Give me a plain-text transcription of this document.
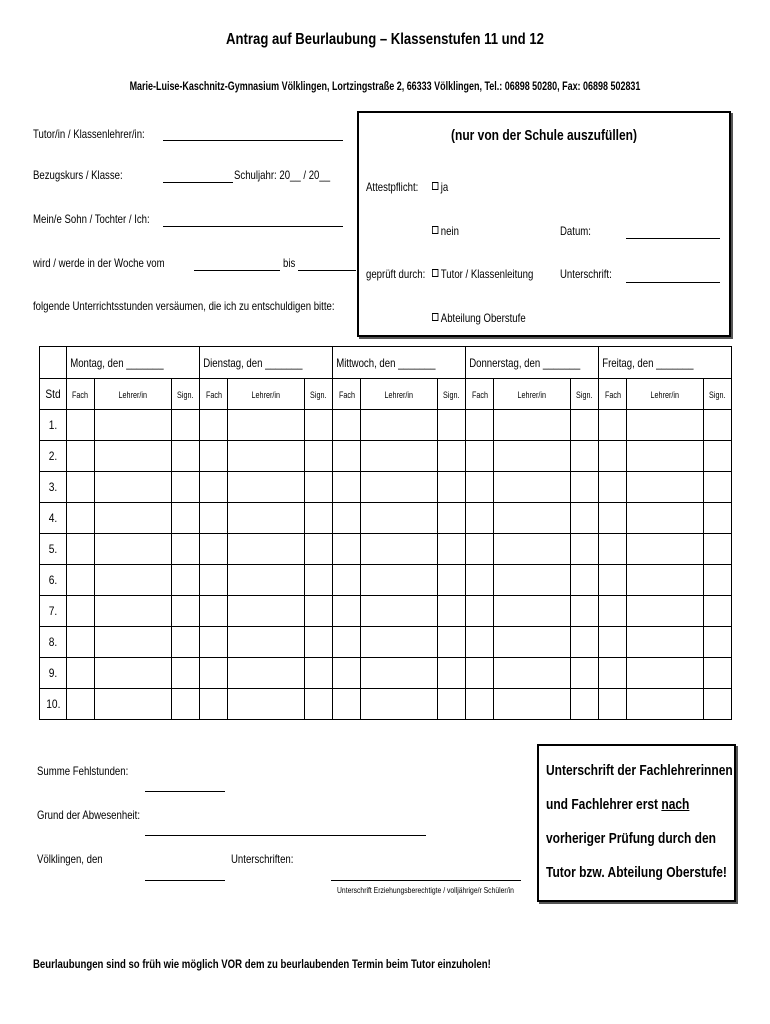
Antrag auf Beurlaubung – Klassenstufen 11 und 12
Marie-Luise-Kaschnitz-Gymnasium Völklingen, Lortzingstraße 2, 66333 Völklingen, Tel.: 06898 50280, Fax: 06898 502831
Tutor/in / Klassenlehrer/in:
Bezugskurs / Klasse:	Schuljahr: 20__ / 20__
Mein/e Sohn / Tochter / Ich:
wird / werde in der Woche vom	bis
folgende Unterrichtsstunden versäumen, die ich zu entschuldigen bitte:
(nur von der Schule auszufüllen)
Attestpflicht:	ja
nein	Datum:
geprüft durch:	Tutor / Klassenleitung Unterschrift:
Abteilung Oberstufe
	Montag, den _______			Dienstag, den _______			Mittwoch, den _______			Donnerstag, den _______			Freitag, den _______		
Std	Fach	Lehrer/in	Sign.	Fach	Lehrer/in	Sign.	Fach	Lehrer/in	Sign.	Fach	Lehrer/in	Sign.	Fach	Lehrer/in	Sign.
1.															
2.															
3.															
4.															
5.															
6.															
7.															
8.															
9.															
10.															
Summe Fehlstunden:
Grund der Abwesenheit:
Völklingen, den	Unterschriften:
Unterschrift Erziehungsberechtigte / volljährige/r Schüler/in
Unterschrift der Fachlehrerinnen
und Fachlehrer erst nach
vorheriger Prüfung durch den
Tutor bzw. Abteilung Oberstufe!
Beurlaubungen sind so früh wie möglich VOR dem zu beurlaubenden Termin beim Tutor einzuholen!
